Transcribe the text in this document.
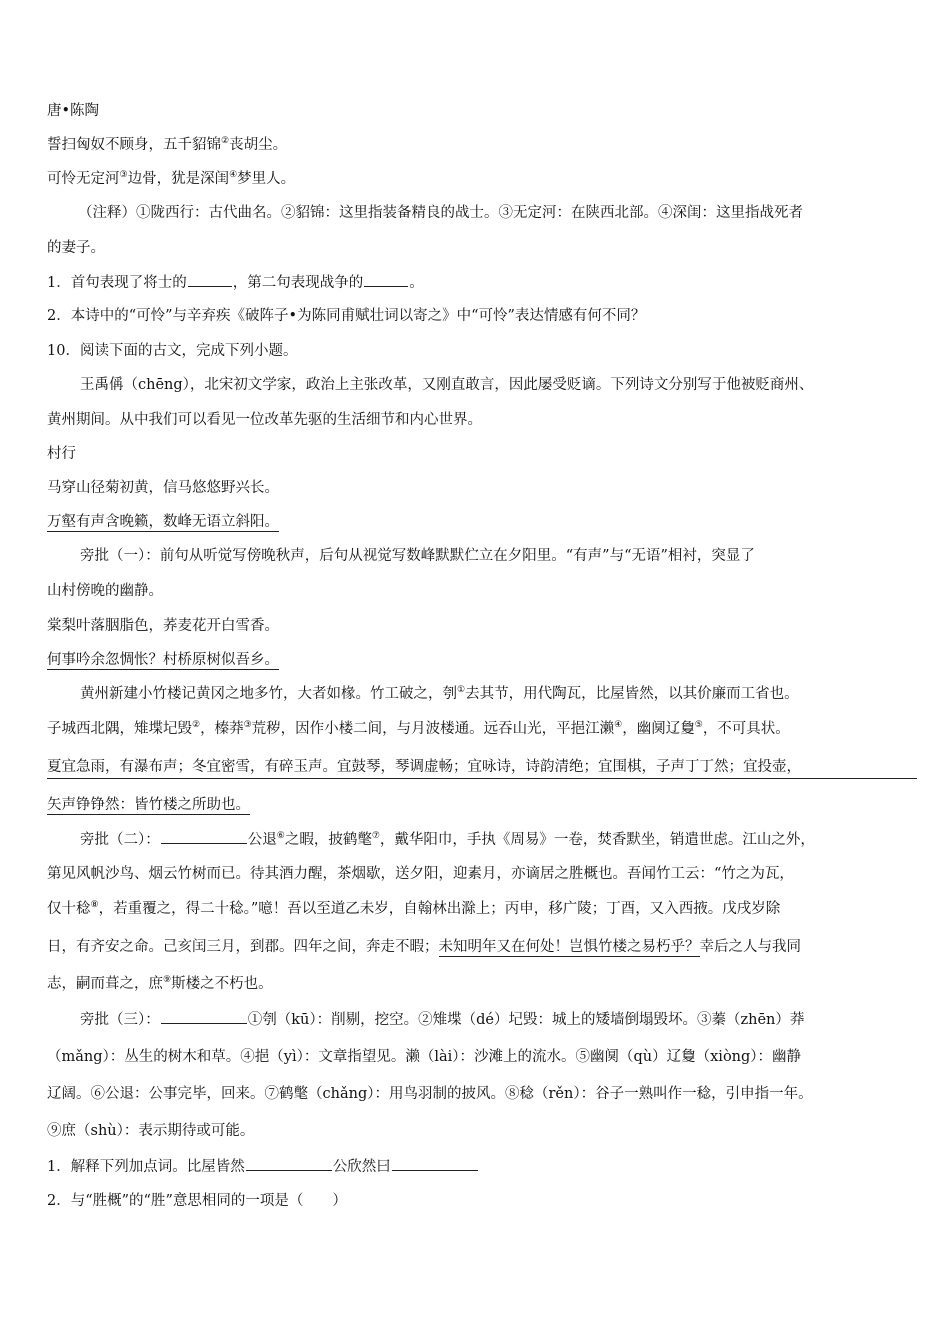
唐•陈陶
誓扫匈奴不顾身，五千貂锦②丧胡尘。
可怜无定河③边骨，犹是深闺④梦里人。
（注释）①陇西行：古代曲名。②貂锦：这里指装备精良的战士。③无定河：在陕西北部。④深闺：这里指战死者
的妻子。
1．首句表现了将士的	，第二句表现战争的	。
2．本诗中的“可怜”与辛弃疾《破阵子•为陈同甫赋壮词以寄之》中“可怜”表达情感有何不同？
10．阅读下面的古文，完成下列小题。
王禹偁（chēng），北宋初文学家，政治上主张改革，又刚直敢言，因此屡受贬谪。下列诗文分别写于他被贬商州、
黄州期间。从中我们可以看见一位改革先驱的生活细节和内心世界。
村行
马穿山径菊初黄，信马悠悠野兴长。
万壑有声含晚籁，数峰无语立斜阳。
旁批（一）：前句从听觉写傍晚秋声，后句从视觉写数峰默默伫立在夕阳里。“有声”与“无语”相衬，突显了
山村傍晚的幽静。
棠梨叶落胭脂色，荞麦花开白雪香。
何事吟余忽惆怅？村桥原树似吾乡。
黄州新建小竹楼记黄冈之地多竹，大者如椽。竹工破之，刳①去其节，用代陶瓦，比屋皆然，以其价廉而工省也。
子城西北隅，雉堞圮毁②，榛莽③荒秽，因作小楼二间，与月波楼通。远吞山光，平挹江濑④，幽阒辽敻⑤，不可具状。
夏宜急雨，有瀑布声；冬宜密雪，有碎玉声。宜鼓琴，琴调虚畅；宜咏诗，诗韵清绝；宜围棋，子声丁丁然；宜投壶，
矢声铮铮然：皆竹楼之所助也。
旁批（二）：	公退⑥之暇，披鹤氅⑦，戴华阳巾，手执《周易》一卷，焚香默坐，销遣世虑。江山之外，
第见风帆沙鸟、烟云竹树而已。待其酒力醒，茶烟歇，送夕阳，迎素月，亦谪居之胜概也。吾闻竹工云：“竹之为瓦，
仅十稔⑧，若重覆之，得二十稔。”噫！吾以至道乙未岁，自翰林出滁上；丙申，移广陵；丁酉，又入西掖。戊戌岁除
日，有齐安之命。己亥闰三月，到郡。四年之间，奔走不暇；未知明年又在何处！岂惧竹楼之易朽乎？幸后之人与我同
志，嗣而葺之，庶⑨斯楼之不朽也。
旁批（三）：	①刳（kū）：削剔，挖空。②雉堞（dé）圮毁：城上的矮墙倒塌毁坏。③蓁（zhēn）莽
（mǎng）：丛生的树木和草。④挹（yì）：文章指望见。濑（lài）：沙滩上的流水。⑤幽阒（qù）辽敻（xiòng）：幽静
辽阔。⑥公退：公事完毕，回来。⑦鹤氅（chǎng）：用鸟羽制的披风。⑧稔（rěn）：谷子一熟叫作一稔，引申指一年。
⑨庶（shù）：表示期待或可能。
1．解释下列加点词。比屋皆然	公欣然曰
2．与“胜概”的“胜”意思相同的一项是（　　）
